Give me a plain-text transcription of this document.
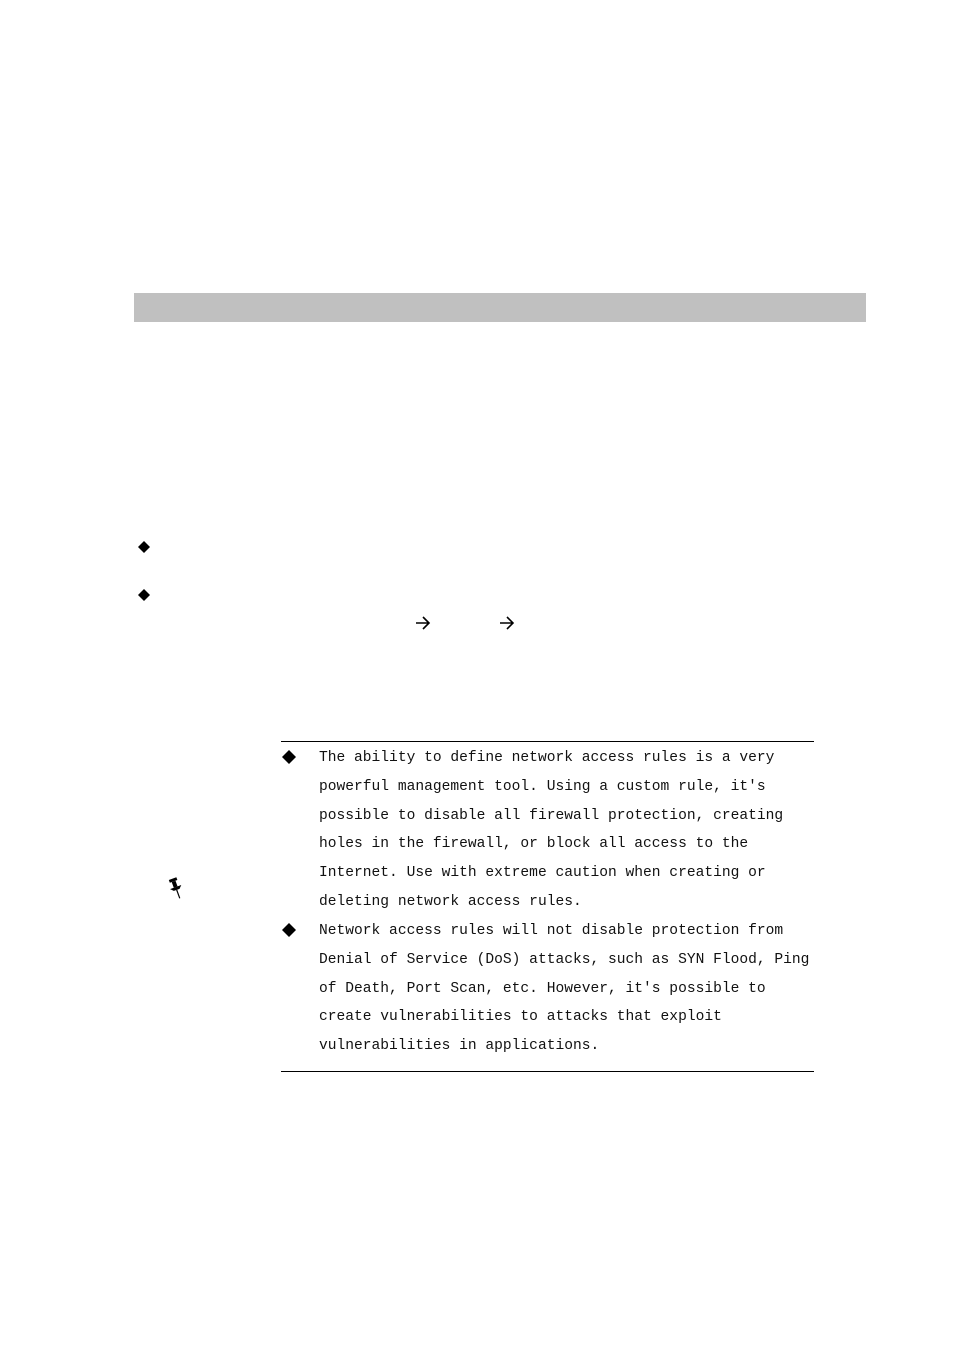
The ability to define network access rules is a very
powerful management tool. Using a custom rule, it's
possible to disable all firewall protection, creating
holes in the firewall, or block all access to the
Internet. Use with extreme caution when creating or
deleting network access rules.

Network access rules will not disable protection from
Denial of Service (DoS) attacks, such as SYN Flood, Ping
of Death, Port Scan, etc. However, it's possible to
create vulnerabilities to attacks that exploit
vulnerabilities in applications.
